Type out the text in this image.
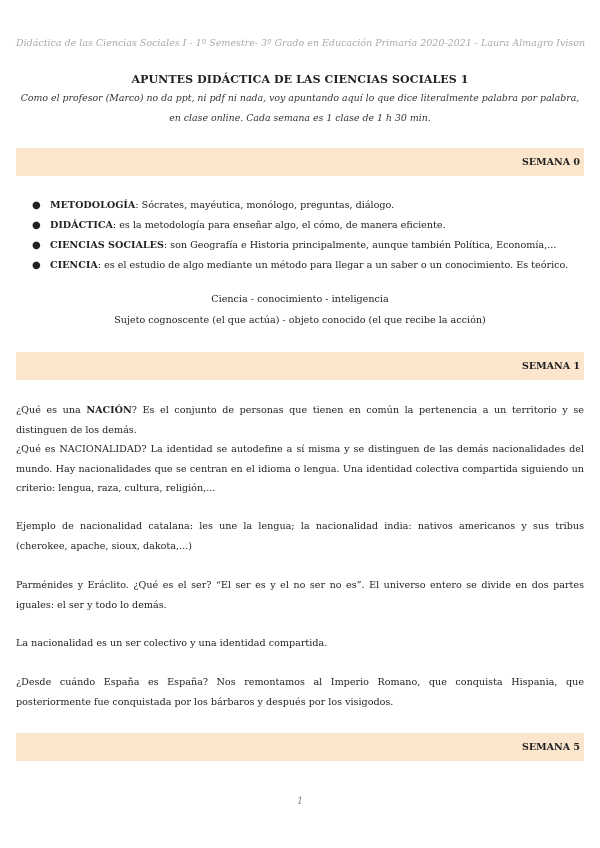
Didáctica de las Ciencias Sociales I - 1º Semestre- 3º Grado en Educación Primaria 2020-2021 - Laura Almagro Ivison
APUNTES DIDÁCTICA DE LAS CIENCIAS SOCIALES 1
Como el profesor (Marco) no da ppt, ni pdf ni nada, voy apuntando aquí lo que dice literalmente palabra por palabra,
en clase online. Cada semana es 1 clase de 1 h 30 min.
SEMANA 0
● METODOLOGÍA: Sócrates, mayéutica, monólogo, preguntas, diálogo.
● DIDÁCTICA: es la metodología para enseñar algo, el cómo, de manera eficiente.
● CIENCIAS SOCIALES: son Geografía e Historia principalmente, aunque también Política, Economía,...
● CIENCIA: es el estudio de algo mediante un método para llegar a un saber o un conocimiento. Es teórico.
Ciencia - conocimiento - inteligencia
Sujeto cognoscente (el que actúa) - objeto conocido (el que recibe la acción)
SEMANA 1
¿Qué es una NACIÓN? Es el conjunto de personas que tienen en común la pertenencia a un territorio y se distinguen de los demás.
¿Qué es NACIONALIDAD? La identidad se autodefine a sí misma y se distinguen de las demás nacionalidades del mundo. Hay nacionalidades que se centran en el idioma o lengua. Una identidad colectiva compartida siguiendo un criterio: lengua, raza, cultura, religión,...
Ejemplo de nacionalidad catalana: les une la lengua; la nacionalidad india: nativos americanos y sus tribus (cherokee, apache, sioux, dakota,...)
Parménides y Eráclito. ¿Qué es el ser? “El ser es y el no ser no es”. El universo entero se divide en dos partes iguales: el ser y todo lo demás.
La nacionalidad es un ser colectivo y una identidad compartida.
¿Desde cuándo España es España? Nos remontamos al Imperio Romano, que conquista Hispania, que posteriormente fue conquistada por los bárbaros y después por los visigodos.
SEMANA 5
1
